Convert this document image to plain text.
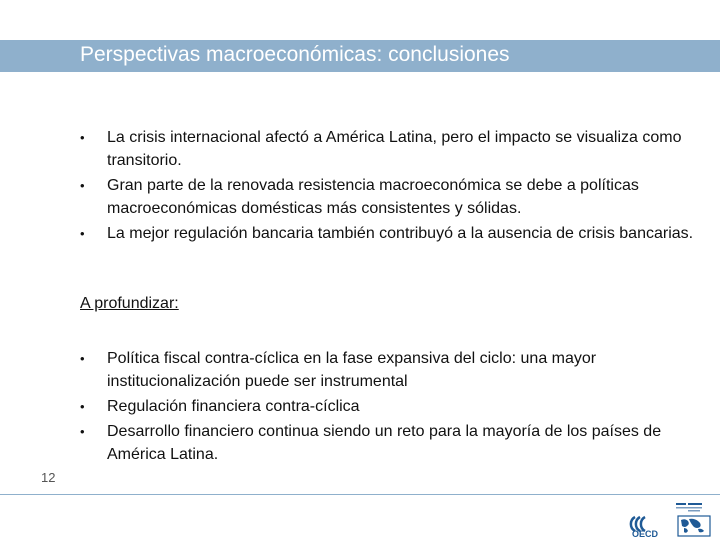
Perspectivas macroeconómicas: conclusiones
•	La crisis internacional afectó a América Latina, pero el impacto se visualiza como transitorio.
•	Gran parte de la renovada resistencia macroeconómica se debe a políticas macroeconómicas domésticas más consistentes y sólidas.
•	La mejor regulación bancaria también contribuyó a la ausencia de crisis bancarias.
A profundizar:
•	Política fiscal contra-cíclica en la fase expansiva del ciclo: una mayor institucionalización puede ser instrumental
•	Regulación financiera contra-cíclica
•	Desarrollo financiero continua siendo un reto para la mayoría de los países de América Latina.
12
OECD
